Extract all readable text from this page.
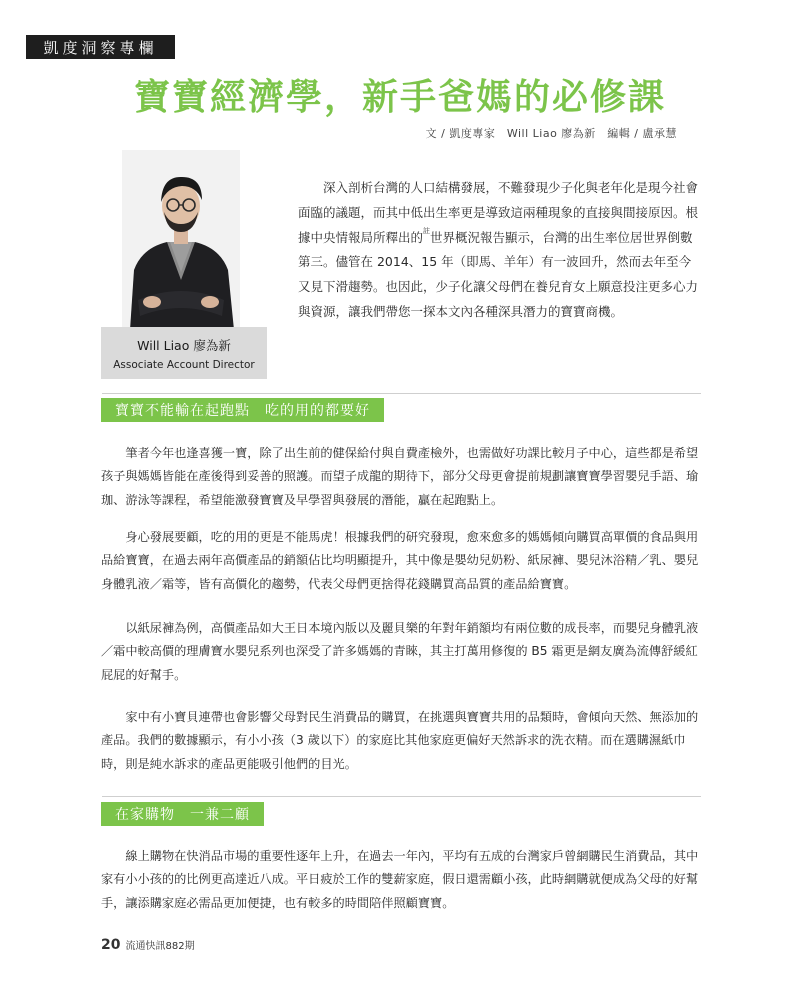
凱度洞察專欄
寶寶經濟學，新手爸媽的必修課
文 / 凱度專家　Will Liao 廖為新　編輯 / 盧承慧
Will Liao 廖為新
Associate Account Director

深入剖析台灣的人口結構發展，不難發現少子化與老年化是現今社會面臨的議題，而其中低出生率更是導致這兩種現象的直接與間接原因。根據中央情報局所釋出的$^註$世界概況報告顯示，台灣的出生率位居世界倒數第三。儘管在 2014、15 年（即馬、羊年）有一波回升，然而去年至今又見下滑趨勢。也因此，少子化讓父母們在養兒育女上願意投注更多心力與資源，讓我們帶您一探本文內各種深具潛力的寶寶商機。

寶寶不能輸在起跑點　吃的用的都要好

筆者今年也逢喜獲一寶，除了出生前的健保給付與自費產檢外，也需做好功課比較月子中心，這些都是希望孩子與媽媽皆能在產後得到妥善的照護。而望子成龍的期待下，部分父母更會提前規劃讓寶寶學習嬰兒手語、瑜珈、游泳等課程，希望能激發寶寶及早學習與發展的潛能，贏在起跑點上。

身心發展要顧，吃的用的更是不能馬虎！根據我們的研究發現，愈來愈多的媽媽傾向購買高單價的食品與用品給寶寶，在過去兩年高價產品的銷額佔比均明顯提升，其中像是嬰幼兒奶粉、紙尿褲、嬰兒沐浴精／乳、嬰兒身體乳液／霜等，皆有高價化的趨勢，代表父母們更捨得花錢購買高品質的產品給寶寶。

以紙尿褲為例，高價產品如大王日本境內版以及麗貝樂的年對年銷額均有兩位數的成長率，而嬰兒身體乳液／霜中較高價的理膚寶水嬰兒系列也深受了許多媽媽的青睞，其主打萬用修復的 B5 霜更是網友廣為流傳舒緩紅屁屁的好幫手。

家中有小寶貝連帶也會影響父母對民生消費品的購買，在挑選與寶寶共用的品類時，會傾向天然、無添加的產品。我們的數據顯示，有小小孩（3 歲以下）的家庭比其他家庭更偏好天然訴求的洗衣精。而在選購濕紙巾時，則是純水訴求的產品更能吸引他們的目光。

在家購物　一兼二顧

線上購物在快消品市場的重要性逐年上升，在過去一年內，平均有五成的台灣家戶曾網購民生消費品，其中家有小小孩的的比例更高達近八成。平日疲於工作的雙薪家庭，假日還需顧小孩，此時網購就便成為父母的好幫手，讓添購家庭必需品更加便捷，也有較多的時間陪伴照顧寶寶。

20 流通快訊882期
